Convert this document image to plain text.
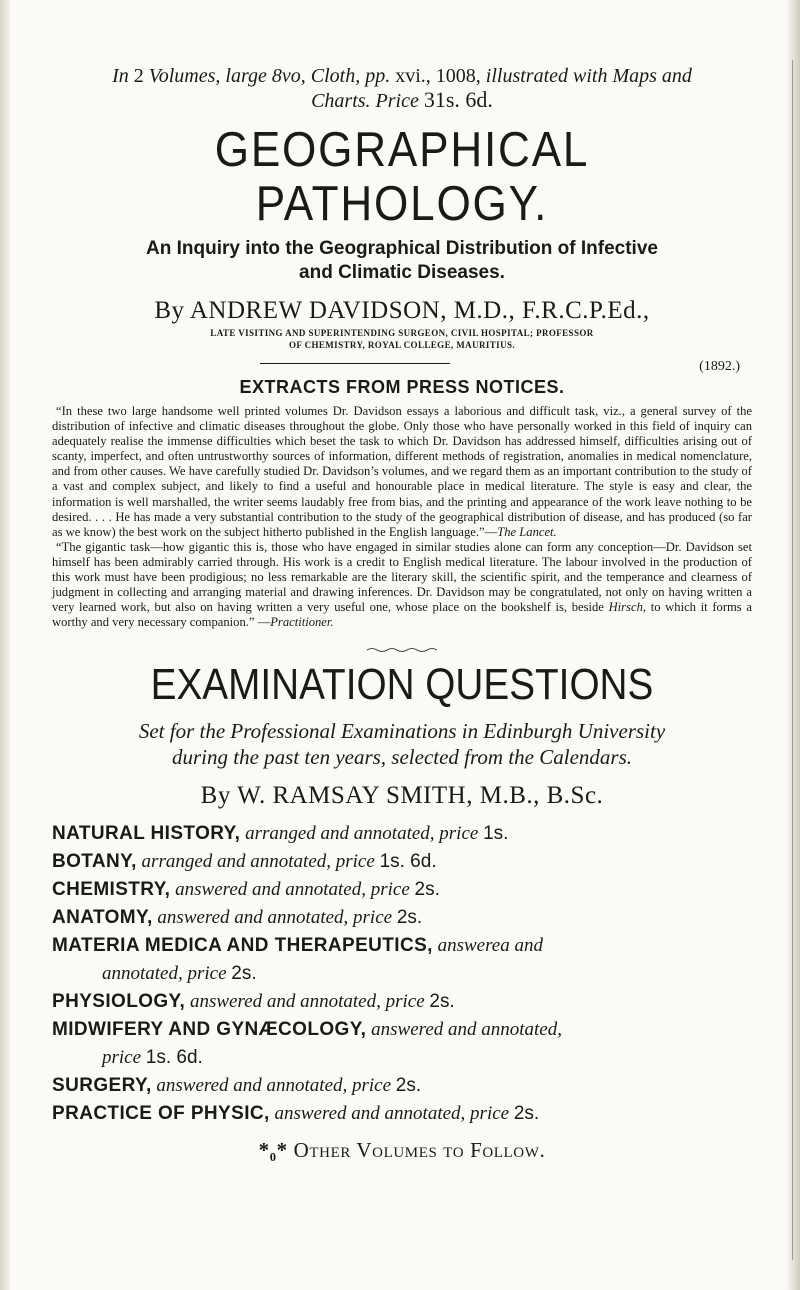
In 2 Volumes, large 8vo, Cloth, pp. xvi., 1008, illustrated with Maps and
Charts. Price 31s. 6d.
GEOGRAPHICAL PATHOLOGY.
An Inquiry into the Geographical Distribution of Infective
and Climatic Diseases.
By ANDREW DAVIDSON, M.D., F.R.C.P.Ed.,
LATE VISITING AND SUPERINTENDING SURGEON, CIVIL HOSPITAL; PROFESSOR
OF CHEMISTRY, ROYAL COLLEGE, MAURITIUS.
(1892.)
EXTRACTS FROM PRESS NOTICES.

“In these two large handsome well printed volumes Dr. Davidson essays a laborious and difficult task, viz., a general survey of the distribution of infective and climatic diseases throughout the globe. Only those who have personally worked in this field of inquiry can adequately realise the immense difficulties which beset the task to which Dr. Davidson has addressed himself, difficulties arising out of scanty, imperfect, and often untrustworthy sources of information, different methods of registration, anomalies in medical nomenclature, and from other causes. We have carefully studied Dr. Davidson’s volumes, and we regard them as an important contribution to the study of a vast and complex subject, and likely to find a useful and honourable place in medical literature. The style is easy and clear, the information is well marshalled, the writer seems laudably free from bias, and the printing and appearance of the work leave nothing to be desired. . . . He has made a very substantial contribution to the study of the geographical distribution of disease, and has produced (so far as we know) the best work on the subject hitherto published in the English language.”—The Lancet.

“The gigantic task—how gigantic this is, those who have engaged in similar studies alone can form any conception—Dr. Davidson set himself has been admirably carried through. His work is a credit to English medical literature. The labour involved in the production of this work must have been prodigious; no less remarkable are the literary skill, the scientific spirit, and the temperance and clearness of judgment in collecting and arranging material and drawing inferences. Dr. Davidson may be congratulated, not only on having written a very learned work, but also on having written a very useful one, whose place on the bookshelf is, beside Hirsch, to which it forms a worthy and very necessary companion.” —Practitioner.

EXAMINATION QUESTIONS
Set for the Professional Examinations in Edinburgh University
during the past ten years, selected from the Calendars.
By W. RAMSAY SMITH, M.B., B.Sc.
NATURAL HISTORY, arranged and annotated, price 1s.
BOTANY, arranged and annotated, price 1s. 6d.
CHEMISTRY, answered and annotated, price 2s.
ANATOMY, answered and annotated, price 2s.
MATERIA MEDICA AND THERAPEUTICS, answerea and
annotated, price 2s.
PHYSIOLOGY, answered and annotated, price 2s.
MIDWIFERY AND GYNÆCOLOGY, answered and annotated,
price 1s. 6d.
SURGERY, answered and annotated, price 2s.
PRACTICE OF PHYSIC, answered and annotated, price 2s.
*₀* Other Volumes to Follow.
